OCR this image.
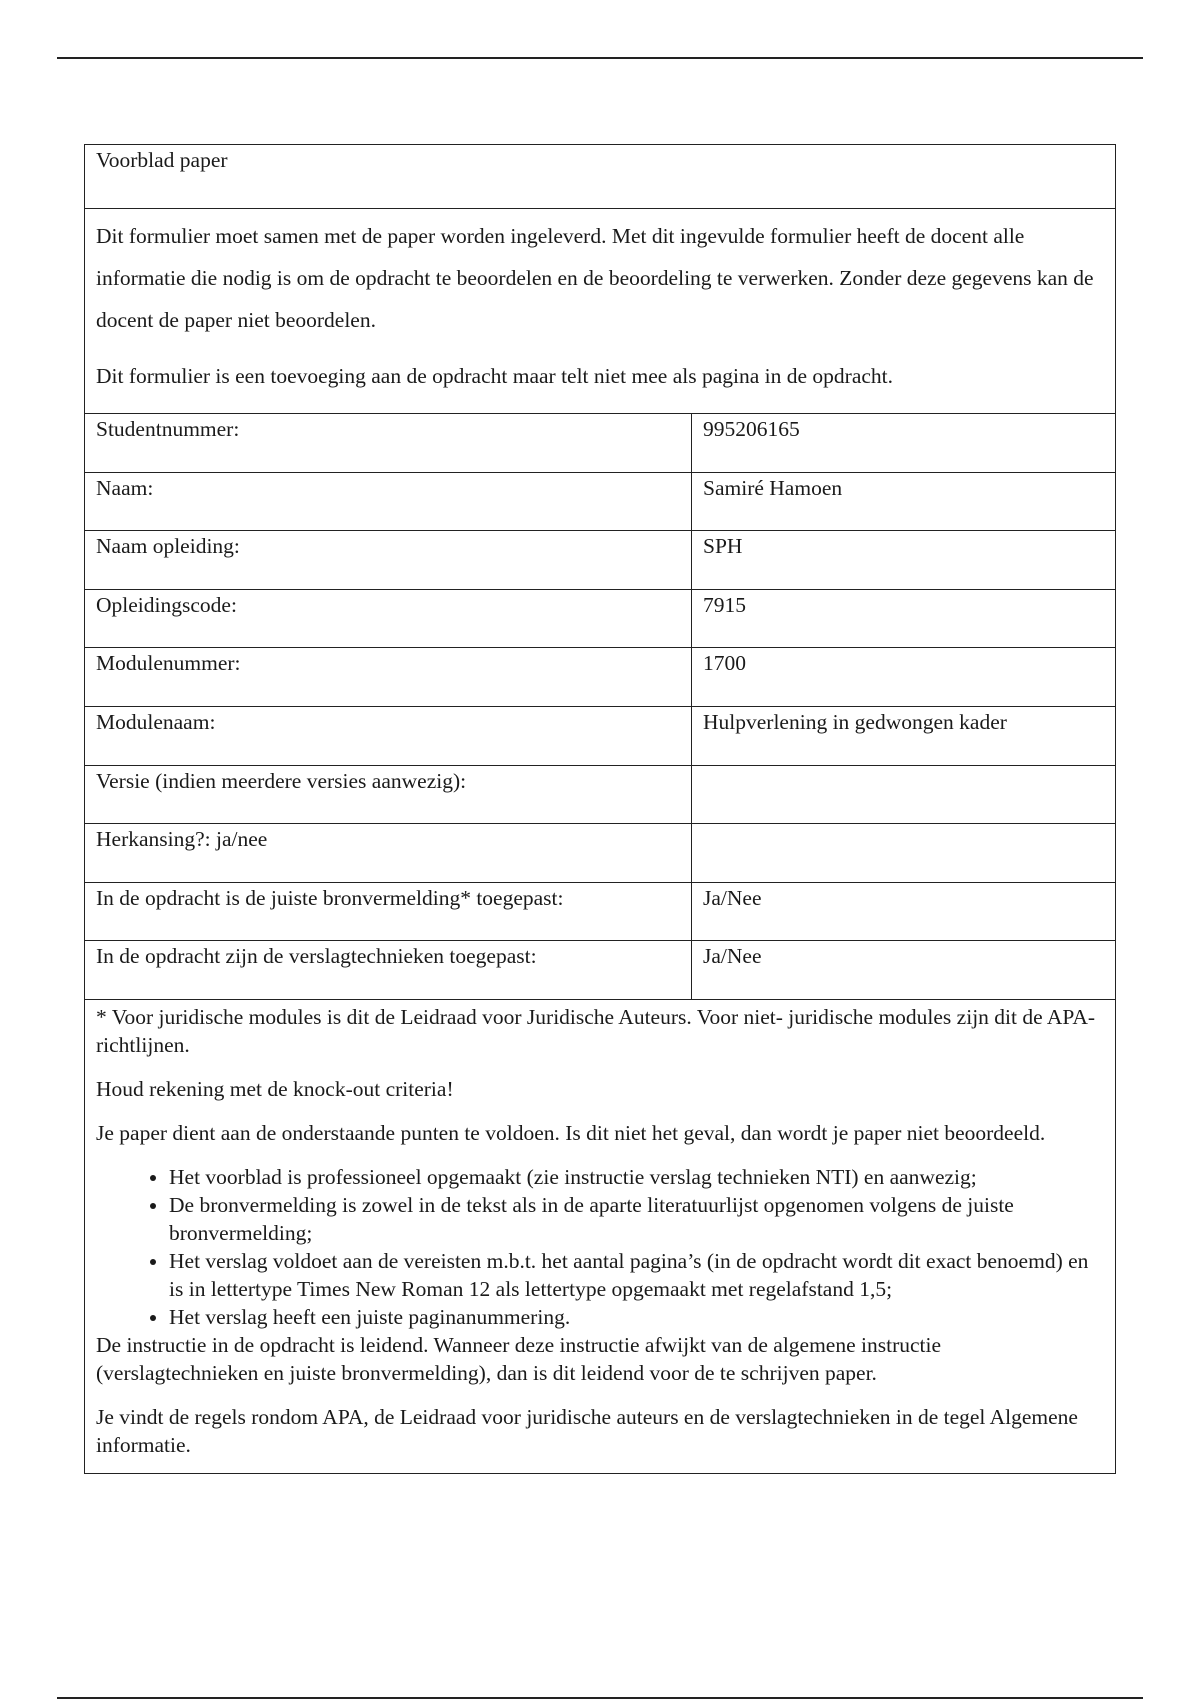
Voorblad paper

Dit formulier moet samen met de paper worden ingeleverd. Met dit ingevulde formulier heeft de docent alle informatie die nodig is om de opdracht te beoordelen en de beoordeling te verwerken. Zonder deze gegevens kan de docent de paper niet beoordelen.

Dit formulier is een toevoeging aan de opdracht maar telt niet mee als pagina in de opdracht.

Studentnummer:	995206165
Naam:	Samiré Hamoen
Naam opleiding:	SPH
Opleidingscode:	7915
Modulenummer:	1700
Modulenaam:	Hulpverlening in gedwongen kader
Versie (indien meerdere versies aanwezig):
Herkansing?: ja/nee
In de opdracht is de juiste bronvermelding* toegepast:	Ja/Nee
In de opdracht zijn de verslagtechnieken toegepast:	Ja/Nee

* Voor juridische modules is dit de Leidraad voor Juridische Auteurs. Voor niet- juridische modules zijn dit de APA-richtlijnen.

Houd rekening met de knock-out criteria!

Je paper dient aan de onderstaande punten te voldoen. Is dit niet het geval, dan wordt je paper niet beoordeeld.

• Het voorblad is professioneel opgemaakt (zie instructie verslag technieken NTI) en aanwezig;
• De bronvermelding is zowel in de tekst als in de aparte literatuurlijst opgenomen volgens de juiste bronvermelding;
• Het verslag voldoet aan de vereisten m.b.t. het aantal pagina’s (in de opdracht wordt dit exact benoemd) en is in lettertype Times New Roman 12 als lettertype opgemaakt met regelafstand 1,5;
• Het verslag heeft een juiste paginanummering.

De instructie in de opdracht is leidend. Wanneer deze instructie afwijkt van de algemene instructie (verslagtechnieken en juiste bronvermelding), dan is dit leidend voor de te schrijven paper.

Je vindt de regels rondom APA, de Leidraad voor juridische auteurs en de verslagtechnieken in de tegel Algemene informatie.
